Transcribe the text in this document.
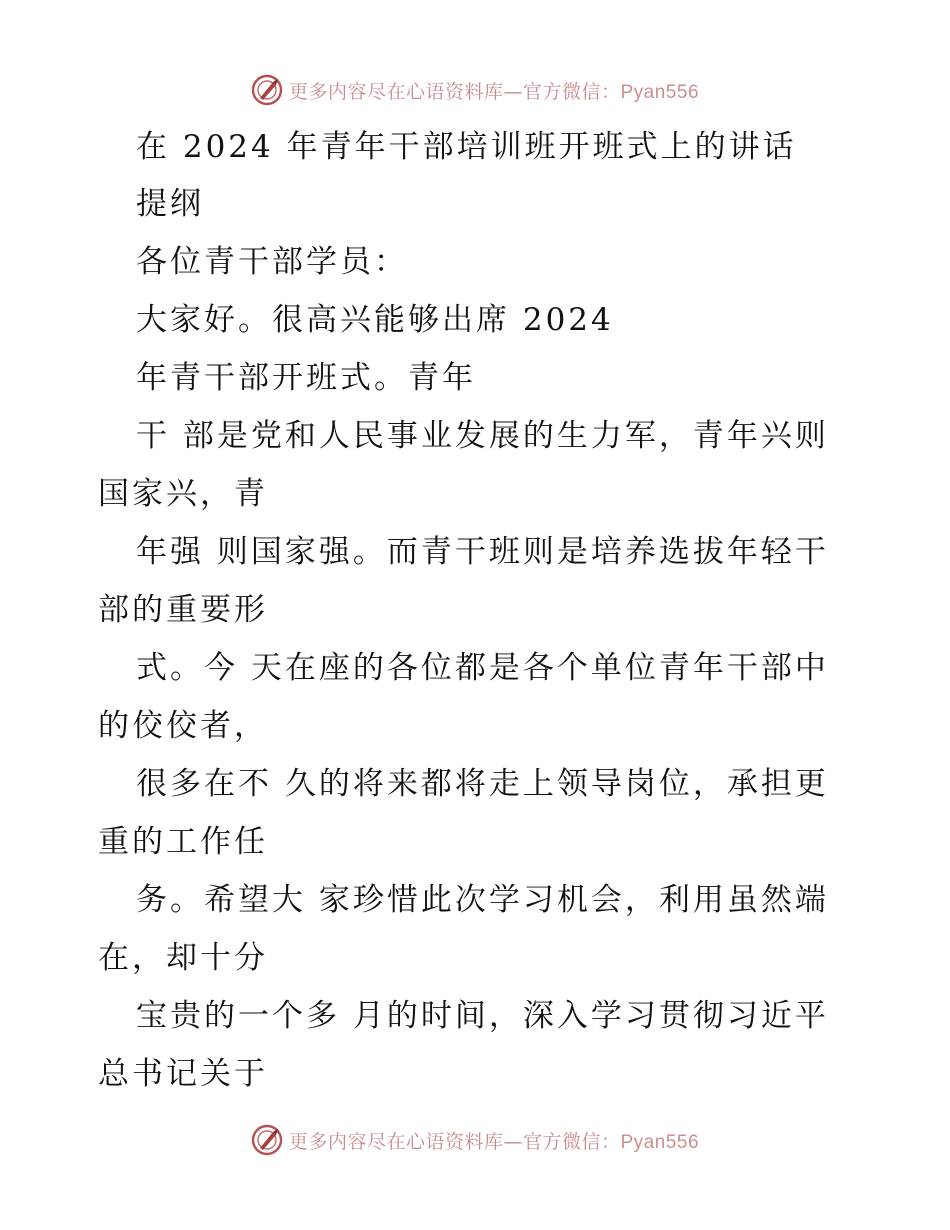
更多内容尽在心语资料库—官方微信：Pyan556
在 2024 年青年干部培训班开班式上的讲话
提纲
各位青干部学员：
大家好。很高兴能够出席 2024
年青干部开班式。青年
干 部是党和人民事业发展的生力军，青年兴则
国家兴，青
年强 则国家强。而青干班则是培养选拔年轻干
部的重要形
式。今 天在座的各位都是各个单位青年干部中
的佼佼者，
很多在不 久的将来都将走上领导岗位，承担更
重的工作任
务。希望大 家珍惜此次学习机会，利用虽然端
在，却十分
宝贵的一个多 月的时间，深入学习贯彻习近平
总书记关于
更多内容尽在心语资料库—官方微信：Pyan556
